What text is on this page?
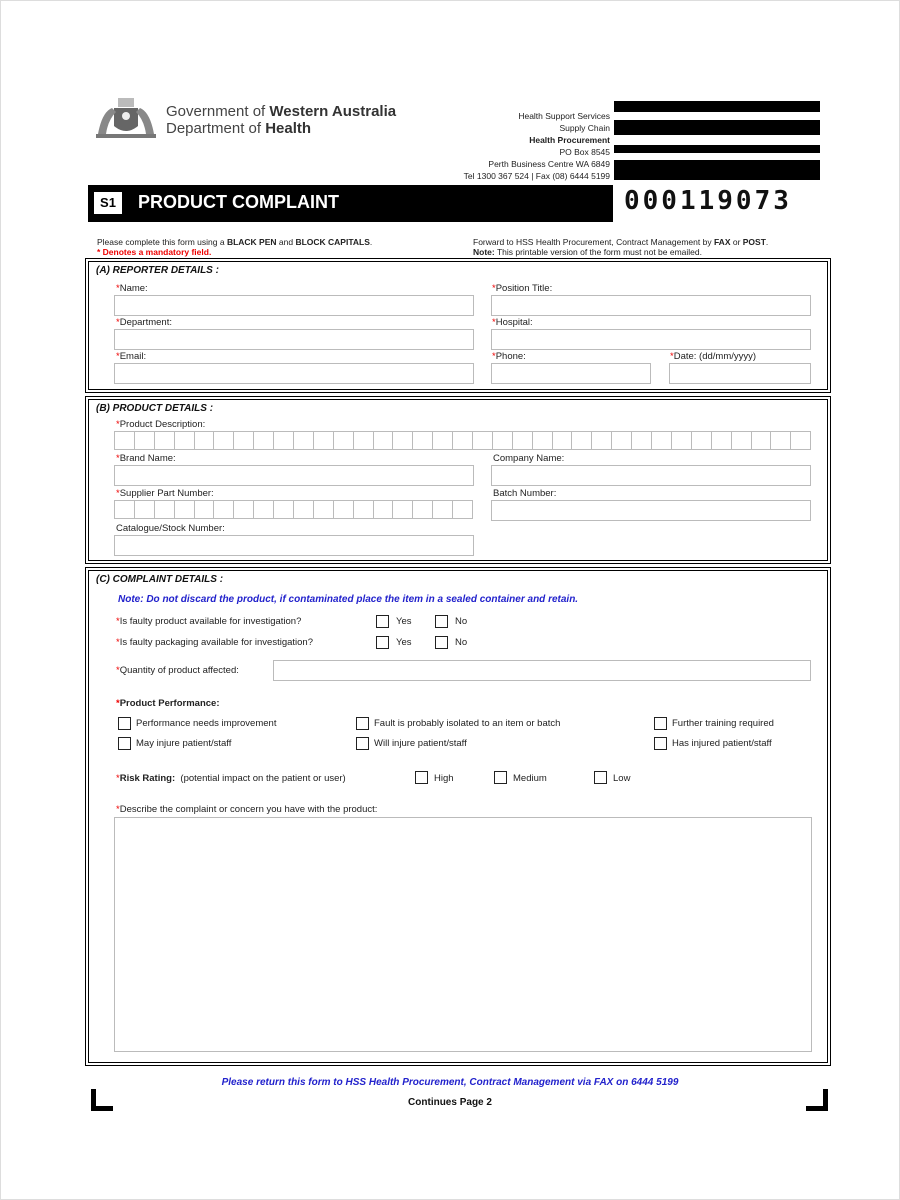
Government of Western Australia
Department of Health
Health Support Services
Supply Chain
Health Procurement
PO Box 8545
Perth Business Centre WA 6849
Tel 1300 367 524 | Fax (08) 6444 5199
S1	PRODUCT COMPLAINT	000119073
Please complete this form using a BLACK PEN and BLOCK CAPITALS.
* Denotes a mandatory field.
Forward to HSS Health Procurement, Contract Management by FAX or POST.
Note: This printable version of the form must not be emailed.
(A) REPORTER DETAILS :
*Name:	*Position Title:
*Department:	*Hospital:
*Email:	*Phone:	*Date: (dd/mm/yyyy)
(B) PRODUCT DETAILS :
*Product Description:
*Brand Name:	Company Name:
*Supplier Part Number:	Batch Number:
Catalogue/Stock Number:
(C) COMPLAINT DETAILS :
Note: Do not discard the product, if contaminated place the item in a sealed container and retain.
*Is faulty product available for investigation?	Yes	No
*Is faulty packaging available for investigation?	Yes	No
*Quantity of product affected:
*Product Performance:
Performance needs improvement	Fault is probably isolated to an item or batch	Further training required
May injure patient/staff	Will injure patient/staff	Has injured patient/staff
*Risk Rating: (potential impact on the patient or user)	High	Medium	Low
*Describe the complaint or concern you have with the product:
Please return this form to HSS Health Procurement, Contract Management via FAX on 6444 5199
Continues Page 2
